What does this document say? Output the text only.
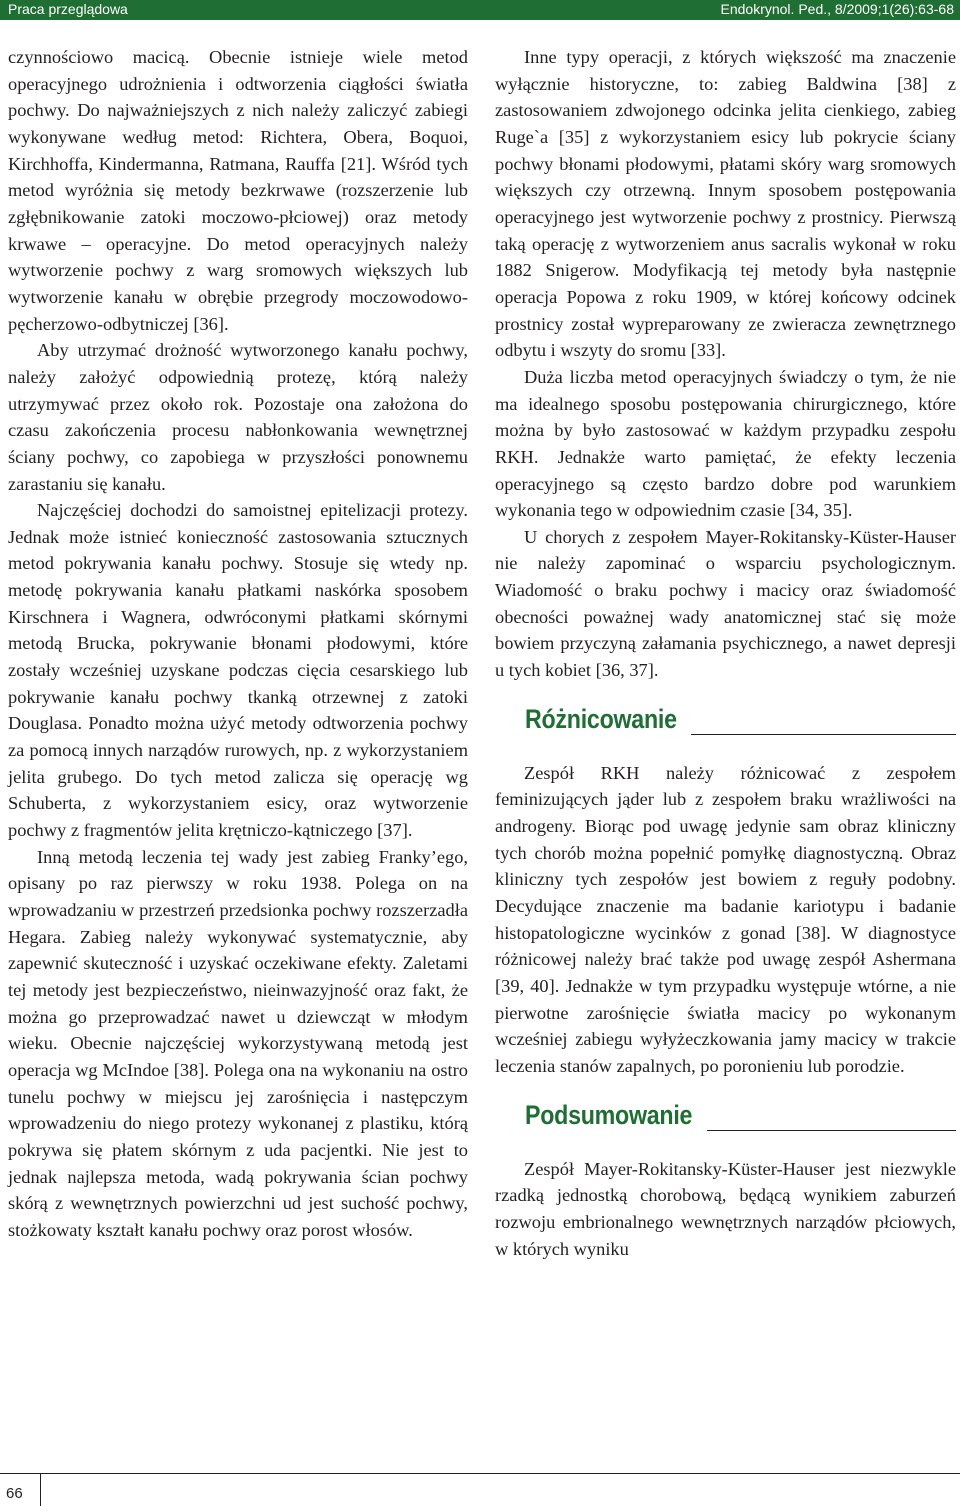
Praca przeglądowa	Endokrynol. Ped., 8/2009;1(26):63-68

czynnościowo macicą. Obecnie istnieje wiele metod operacyjnego udrożnienia i odtworzenia ciągłości światła pochwy. Do najważniejszych z nich należy zaliczyć zabiegi wykonywane według metod: Richtera, Obera, Boquoi, Kirchhoffa, Kindermanna, Ratmana, Rauffa [21]. Wśród tych metod wyróżnia się metody bezkrwawe (rozszerzenie lub zgłębnikowanie zatoki moczowo-płciowej) oraz metody krwawe – operacyjne. Do metod operacyjnych należy wytworzenie pochwy z warg sromowych większych lub wytworzenie kanału w obrębie przegrody moczowodowo-pęcherzowo-odbytniczej [36].

Aby utrzymać drożność wytworzonego kanału pochwy, należy założyć odpowiednią protezę, którą należy utrzymywać przez około rok. Pozostaje ona założona do czasu zakończenia procesu nabłonkowania wewnętrznej ściany pochwy, co zapobiega w przyszłości ponownemu zarastaniu się kanału.

Najczęściej dochodzi do samoistnej epitelizacji protezy. Jednak może istnieć konieczność zastosowania sztucznych metod pokrywania kanału pochwy. Stosuje się wtedy np. metodę pokrywania kanału płatkami naskórka sposobem Kirschnera i Wagnera, odwróconymi płatkami skórnymi metodą Brucka, pokrywanie błonami płodowymi, które zostały wcześniej uzyskane podczas cięcia cesarskiego lub pokrywanie kanału pochwy tkanką otrzewnej z zatoki Douglasa. Ponadto można użyć metody odtworzenia pochwy za pomocą innych narządów rurowych, np. z wykorzystaniem jelita grubego. Do tych metod zalicza się operację wg Schuberta, z wykorzystaniem esicy, oraz wytworzenie pochwy z fragmentów jelita krętniczo-kątniczego [37].

Inną metodą leczenia tej wady jest zabieg Franky’ego, opisany po raz pierwszy w roku 1938. Polega on na wprowadzaniu w przestrzeń przedsionka pochwy rozszerzadła Hegara. Zabieg należy wykonywać systematycznie, aby zapewnić skuteczność i uzyskać oczekiwane efekty. Zaletami tej metody jest bezpieczeństwo, nieinwazyjność oraz fakt, że można go przeprowadzać nawet u dziewcząt w młodym wieku. Obecnie najczęściej wykorzystywaną metodą jest operacja wg McIndoe [38]. Polega ona na wykonaniu na ostro tunelu pochwy w miejscu jej zarośnięcia i następczym wprowadzeniu do niego protezy wykonanej z plastiku, którą pokrywa się płatem skórnym z uda pacjentki. Nie jest to jednak najlepsza metoda, wadą pokrywania ścian pochwy skórą z wewnętrznych powierzchni ud jest suchość pochwy, stożkowaty kształt kanału pochwy oraz porost włosów.

Inne typy operacji, z których większość ma znaczenie wyłącznie historyczne, to: zabieg Baldwina [38] z zastosowaniem zdwojonego odcinka jelita cienkiego, zabieg Ruge`a [35] z wykorzystaniem esicy lub pokrycie ściany pochwy błonami płodowymi, płatami skóry warg sromowych większych czy otrzewną. Innym sposobem postępowania operacyjnego jest wytworzenie pochwy z prostnicy. Pierwszą taką operację z wytworzeniem anus sacralis wykonał w roku 1882 Snigerow. Modyfikacją tej metody była następnie operacja Popowa z roku 1909, w której końcowy odcinek prostnicy został wypreparowany ze zwieracza zewnętrznego odbytu i wszyty do sromu [33].

Duża liczba metod operacyjnych świadczy o tym, że nie ma idealnego sposobu postępowania chirurgicznego, które można by było zastosować w każdym przypadku zespołu RKH. Jednakże warto pamiętać, że efekty leczenia operacyjnego są często bardzo dobre pod warunkiem wykonania tego w odpowiednim czasie [34, 35].

U chorych z zespołem Mayer-Rokitansky-Küster-Hauser nie należy zapominać o wsparciu psychologicznym. Wiadomość o braku pochwy i macicy oraz świadomość obecności poważnej wady anatomicznej stać się może bowiem przyczyną załamania psychicznego, a nawet depresji u tych kobiet [36, 37].

Różnicowanie

Zespół RKH należy różnicować z zespołem feminizujących jąder lub z zespołem braku wrażliwości na androgeny. Biorąc pod uwagę jedynie sam obraz kliniczny tych chorób można popełnić pomyłkę diagnostyczną. Obraz kliniczny tych zespołów jest bowiem z reguły podobny. Decydujące znaczenie ma badanie kariotypu i badanie histopatologiczne wycinków z gonad [38]. W diagnostyce różnicowej należy brać także pod uwagę zespół Ashermana [39, 40]. Jednakże w tym przypadku występuje wtórne, a nie pierwotne zarośnięcie światła macicy po wykonanym wcześniej zabiegu wyłyżeczkowania jamy macicy w trakcie leczenia stanów zapalnych, po poronieniu lub porodzie.

Podsumowanie

Zespół Mayer-Rokitansky-Küster-Hauser jest niezwykle rzadką jednostką chorobową, będącą wynikiem zaburzeń rozwoju embrionalnego wewnętrznych narządów płciowych, w których wyniku

66
